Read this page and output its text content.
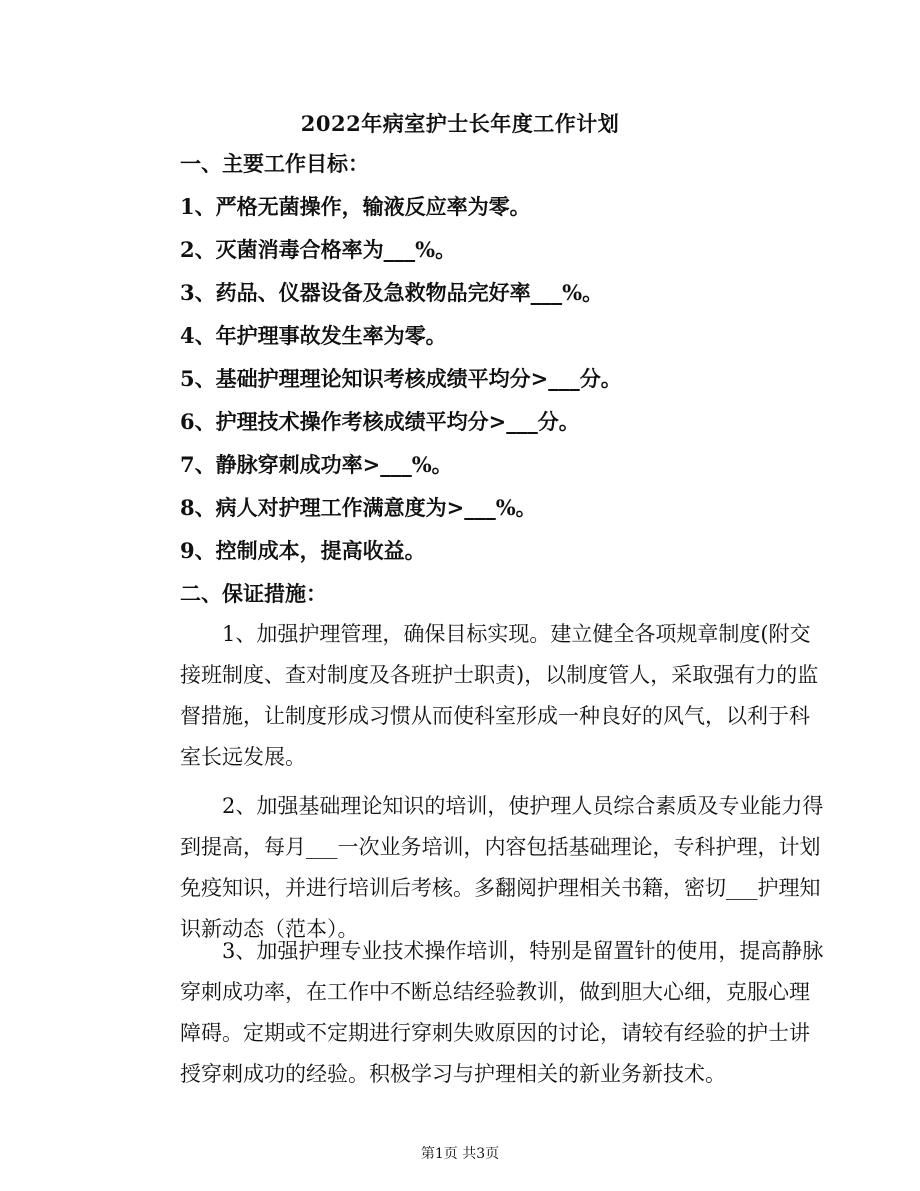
2022年病室护士长年度工作计划
一、主要工作目标：
1、严格无菌操作，输液反应率为零。
2、灭菌消毒合格率为___%。
3、药品、仪器设备及急救物品完好率___%。
4、年护理事故发生率为零。
5、基础护理理论知识考核成绩平均分>___分。
6、护理技术操作考核成绩平均分>___分。
7、静脉穿刺成功率>___%。
8、病人对护理工作满意度为>___%。
9、控制成本，提高收益。
二、保证措施：
1、加强护理管理，确保目标实现。建立健全各项规章制度(附交
接班制度、查对制度及各班护士职责)，以制度管人，采取强有力的监
督措施，让制度形成习惯从而使科室形成一种良好的风气，以利于科
室长远发展。
2、加强基础理论知识的培训，使护理人员综合素质及专业能力得
到提高，每月___一次业务培训，内容包括基础理论，专科护理，计划
免疫知识，并进行培训后考核。多翻阅护理相关书籍，密切___护理知
识新动态（范本）。
3、加强护理专业技术操作培训，特别是留置针的使用，提高静脉
穿刺成功率，在工作中不断总结经验教训，做到胆大心细，克服心理
障碍。定期或不定期进行穿刺失败原因的讨论，请较有经验的护士讲
授穿刺成功的经验。积极学习与护理相关的新业务新技术。
第1页 共3页
